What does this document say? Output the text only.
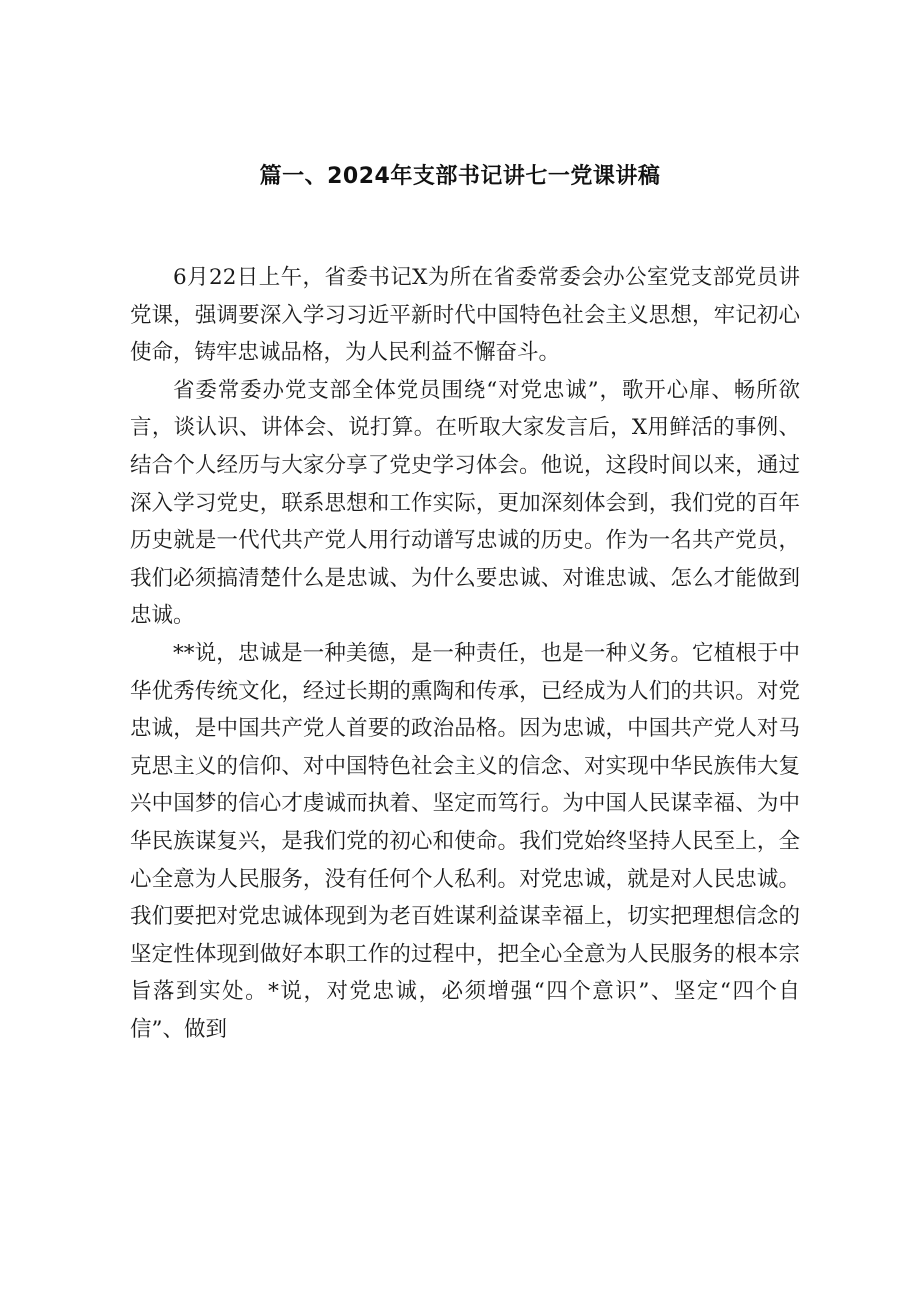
篇一、2024年支部书记讲七一党课讲稿

6月22日上午，省委书记X为所在省委常委会办公室党支部党员讲党课，强调要深入学习习近平新时代中国特色社会主义思想，牢记初心使命，铸牢忠诚品格，为人民利益不懈奋斗。

省委常委办党支部全体党员围绕“对党忠诚”，歌开心扉、畅所欲言，谈认识、讲体会、说打算。在听取大家发言后，X用鲜活的事例、结合个人经历与大家分享了党史学习体会。他说，这段时间以来，通过深入学习党史，联系思想和工作实际，更加深刻体会到，我们党的百年历史就是一代代共产党人用行动谱写忠诚的历史。作为一名共产党员，我们必须搞清楚什么是忠诚、为什么要忠诚、对谁忠诚、怎么才能做到忠诚。

**说，忠诚是一种美德，是一种责任，也是一种义务。它植根于中华优秀传统文化，经过长期的熏陶和传承，已经成为人们的共识。对党忠诚，是中国共产党人首要的政治品格。因为忠诚，中国共产党人对马克思主义的信仰、对中国特色社会主义的信念、对实现中华民族伟大复兴中国梦的信心才虔诚而执着、坚定而笃行。为中国人民谋幸福、为中华民族谋复兴，是我们党的初心和使命。我们党始终坚持人民至上，全心全意为人民服务，没有任何个人私利。对党忠诚，就是对人民忠诚。我们要把对党忠诚体现到为老百姓谋利益谋幸福上，切实把理想信念的坚定性体现到做好本职工作的过程中，把全心全意为人民服务的根本宗旨落到实处。*说，对党忠诚，必须增强“四个意识”、坚定“四个自信”、做到
